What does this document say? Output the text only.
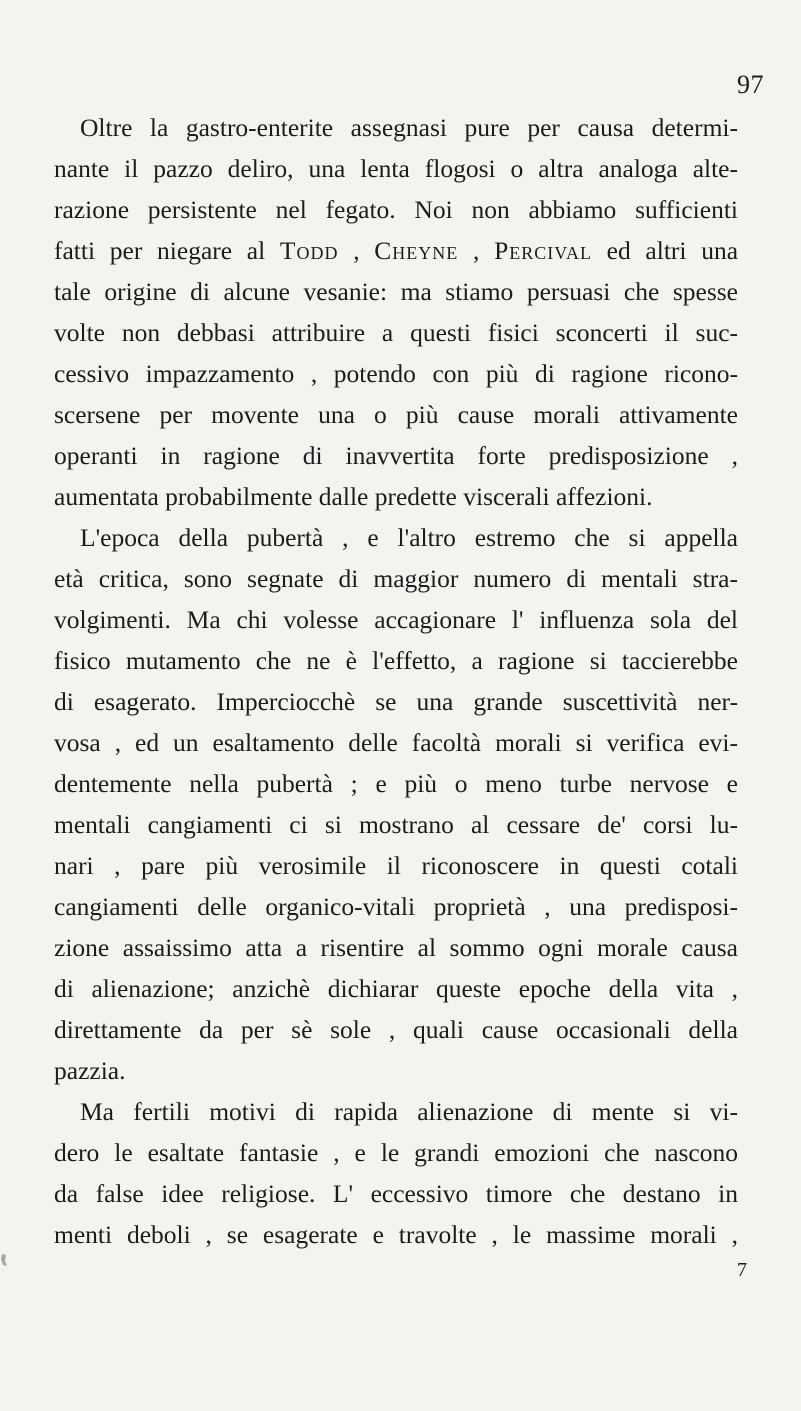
97
Oltre la gastro-enterite assegnasi pure per causa determi-
nante il pazzo deliro, una lenta flogosi o altra analoga alte-
razione persistente nel fegato. Noi non abbiamo sufficienti
fatti per niegare al Todd , Cheyne , Percival ed altri una
tale origine di alcune vesanie: ma stiamo persuasi che spesse
volte non debbasi attribuire a questi fisici sconcerti il suc-
cessivo impazzamento , potendo con più di ragione ricono-
scersene per movente una o più cause morali attivamente
operanti in ragione di inavvertita forte predisposizione ,
aumentata probabilmente dalle predette viscerali affezioni.
L'epoca della pubertà , e l'altro estremo che si appella
età critica, sono segnate di maggior numero di mentali stra-
volgimenti. Ma chi volesse accagionare l' influenza sola del
fisico mutamento che ne è l'effetto, a ragione si taccierebbe
di esagerato. Imperciocchè se una grande suscettività ner-
vosa , ed un esaltamento delle facoltà morali si verifica evi-
dentemente nella pubertà ; e più o meno turbe nervose e
mentali cangiamenti ci si mostrano al cessare de' corsi lu-
nari , pare più verosimile il riconoscere in questi cotali
cangiamenti delle organico-vitali proprietà , una predisposi-
zione assaissimo atta a risentire al sommo ogni morale causa
di alienazione; anzichè dichiarar queste epoche della vita ,
direttamente da per sè sole , quali cause occasionali della
pazzia.
Ma fertili motivi di rapida alienazione di mente si vi-
dero le esaltate fantasie , e le grandi emozioni che nascono
da false idee religiose. L' eccessivo timore che destano in
menti deboli , se esagerate e travolte , le massime morali ,
7
